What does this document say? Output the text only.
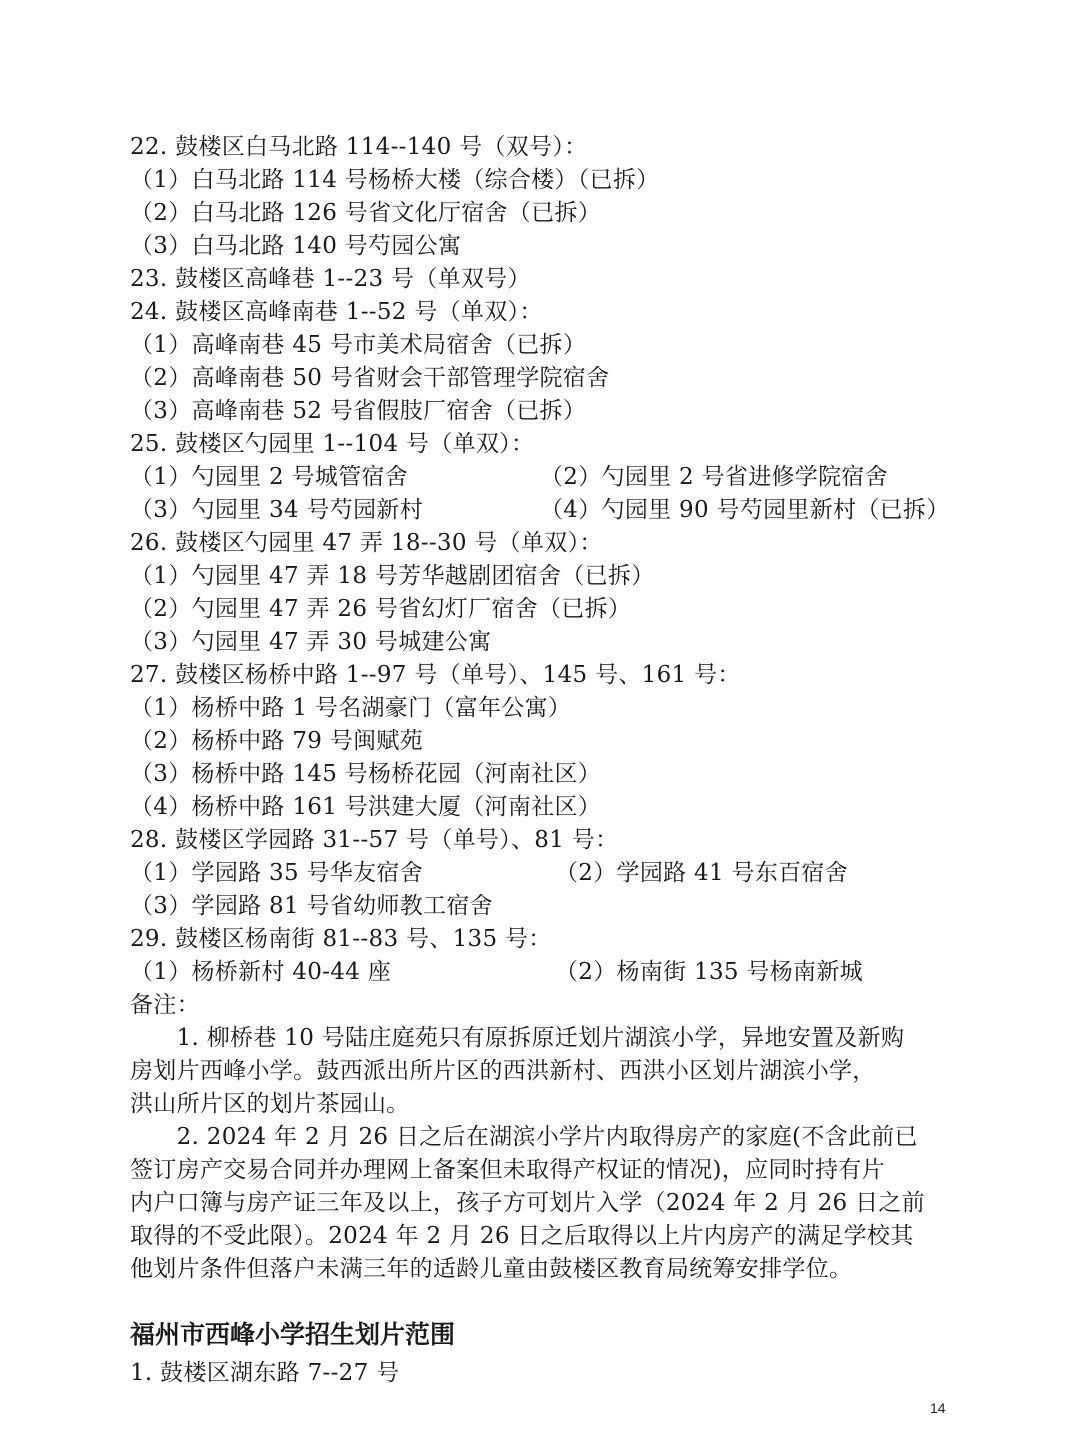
22. 鼓楼区白马北路 114--140 号（双号）：
（1）白马北路 114 号杨桥大楼（综合楼）（已拆）
（2）白马北路 126 号省文化厅宿舍（已拆）
（3）白马北路 140 号芍园公寓
23. 鼓楼区高峰巷 1--23 号（单双号）
24. 鼓楼区高峰南巷 1--52 号（单双）：
（1）高峰南巷 45 号市美术局宿舍（已拆）
（2）高峰南巷 50 号省财会干部管理学院宿舍
（3）高峰南巷 52 号省假肢厂宿舍（已拆）
25. 鼓楼区勺园里 1--104 号（单双）：
（1）勺园里 2 号城管宿舍	（2）勺园里 2 号省进修学院宿舍
（3）勺园里 34 号芍园新村	（4）勺园里 90 号芍园里新村（已拆）
26. 鼓楼区勺园里 47 弄 18--30 号（单双）：
（1）勺园里 47 弄 18 号芳华越剧团宿舍（已拆）
（2）勺园里 47 弄 26 号省幻灯厂宿舍（已拆）
（3）勺园里 47 弄 30 号城建公寓
27. 鼓楼区杨桥中路 1--97 号（单号）、145 号、161 号：
（1）杨桥中路 1 号名湖豪门（富年公寓）
（2）杨桥中路 79 号闽赋苑
（3）杨桥中路 145 号杨桥花园（河南社区）
（4）杨桥中路 161 号洪建大厦（河南社区）
28. 鼓楼区学园路 31--57 号（单号）、81 号：
（1）学园路 35 号华友宿舍	（2）学园路 41 号东百宿舍
（3）学园路 81 号省幼师教工宿舍
29. 鼓楼区杨南街 81--83 号、135 号：
（1）杨桥新村 40-44 座	（2）杨南街 135 号杨南新城
备注：
　　1. 柳桥巷 10 号陆庄庭苑只有原拆原迁划片湖滨小学，异地安置及新购
房划片西峰小学。鼓西派出所片区的西洪新村、西洪小区划片湖滨小学，
洪山所片区的划片茶园山。
　　2. 2024 年 2 月 26 日之后在湖滨小学片内取得房产的家庭(不含此前已
签订房产交易合同并办理网上备案但未取得产权证的情况)，应同时持有片
内户口簿与房产证三年及以上，孩子方可划片入学（2024 年 2 月 26 日之前
取得的不受此限）。2024 年 2 月 26 日之后取得以上片内房产的满足学校其
他划片条件但落户未满三年的适龄儿童由鼓楼区教育局统筹安排学位。
福州市西峰小学招生划片范围
1. 鼓楼区湖东路 7--27 号
14
